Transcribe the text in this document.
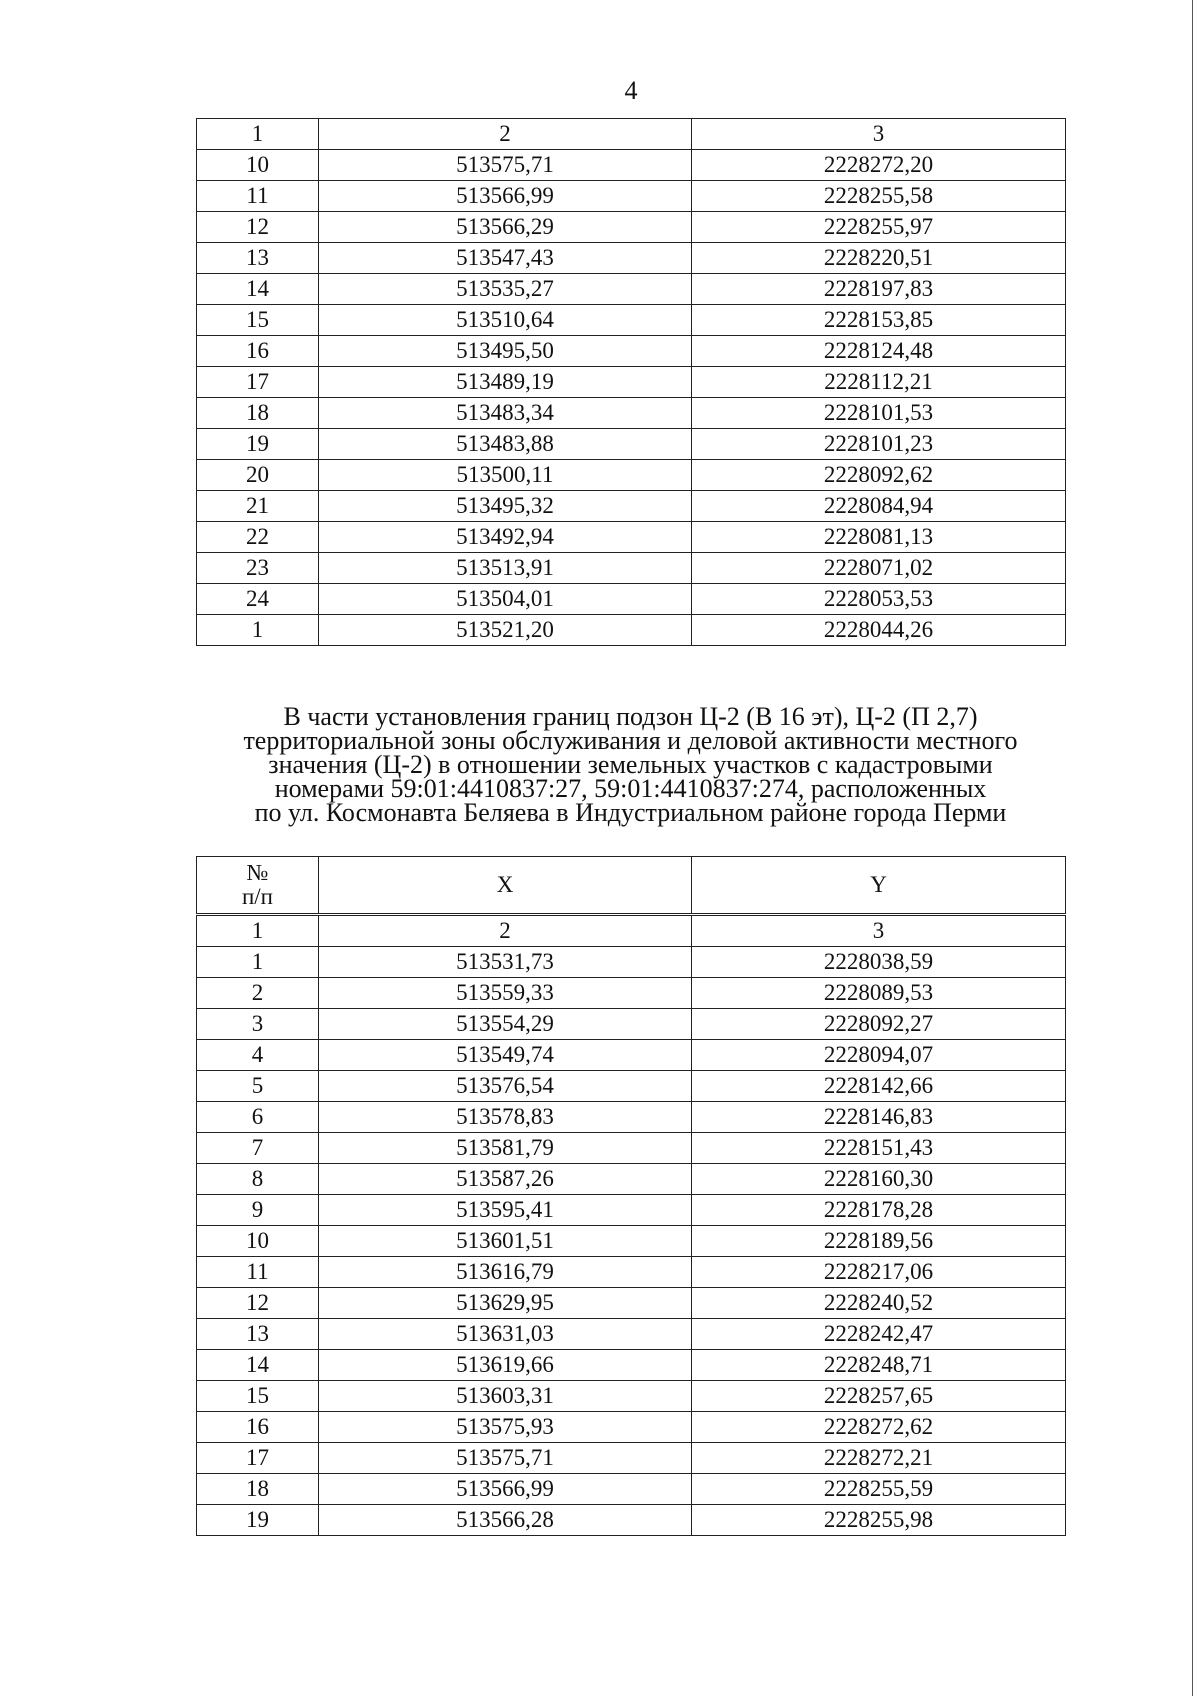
4
1	2	3
10	513575,71	2228272,20
11	513566,99	2228255,58
12	513566,29	2228255,97
13	513547,43	2228220,51
14	513535,27	2228197,83
15	513510,64	2228153,85
16	513495,50	2228124,48
17	513489,19	2228112,21
18	513483,34	2228101,53
19	513483,88	2228101,23
20	513500,11	2228092,62
21	513495,32	2228084,94
22	513492,94	2228081,13
23	513513,91	2228071,02
24	513504,01	2228053,53
1	513521,20	2228044,26
В части установления границ подзон Ц-2 (В 16 эт), Ц-2 (П 2,7)
территориальной зоны обслуживания и деловой активности местного
значения (Ц-2) в отношении земельных участков с кадастровыми
номерами 59:01:4410837:27, 59:01:4410837:274, расположенных
по ул. Космонавта Беляева в Индустриальном районе города Перми
№
п/п	X	Y
1	2	3
1	513531,73	2228038,59
2	513559,33	2228089,53
3	513554,29	2228092,27
4	513549,74	2228094,07
5	513576,54	2228142,66
6	513578,83	2228146,83
7	513581,79	2228151,43
8	513587,26	2228160,30
9	513595,41	2228178,28
10	513601,51	2228189,56
11	513616,79	2228217,06
12	513629,95	2228240,52
13	513631,03	2228242,47
14	513619,66	2228248,71
15	513603,31	2228257,65
16	513575,93	2228272,62
17	513575,71	2228272,21
18	513566,99	2228255,59
19	513566,28	2228255,98
